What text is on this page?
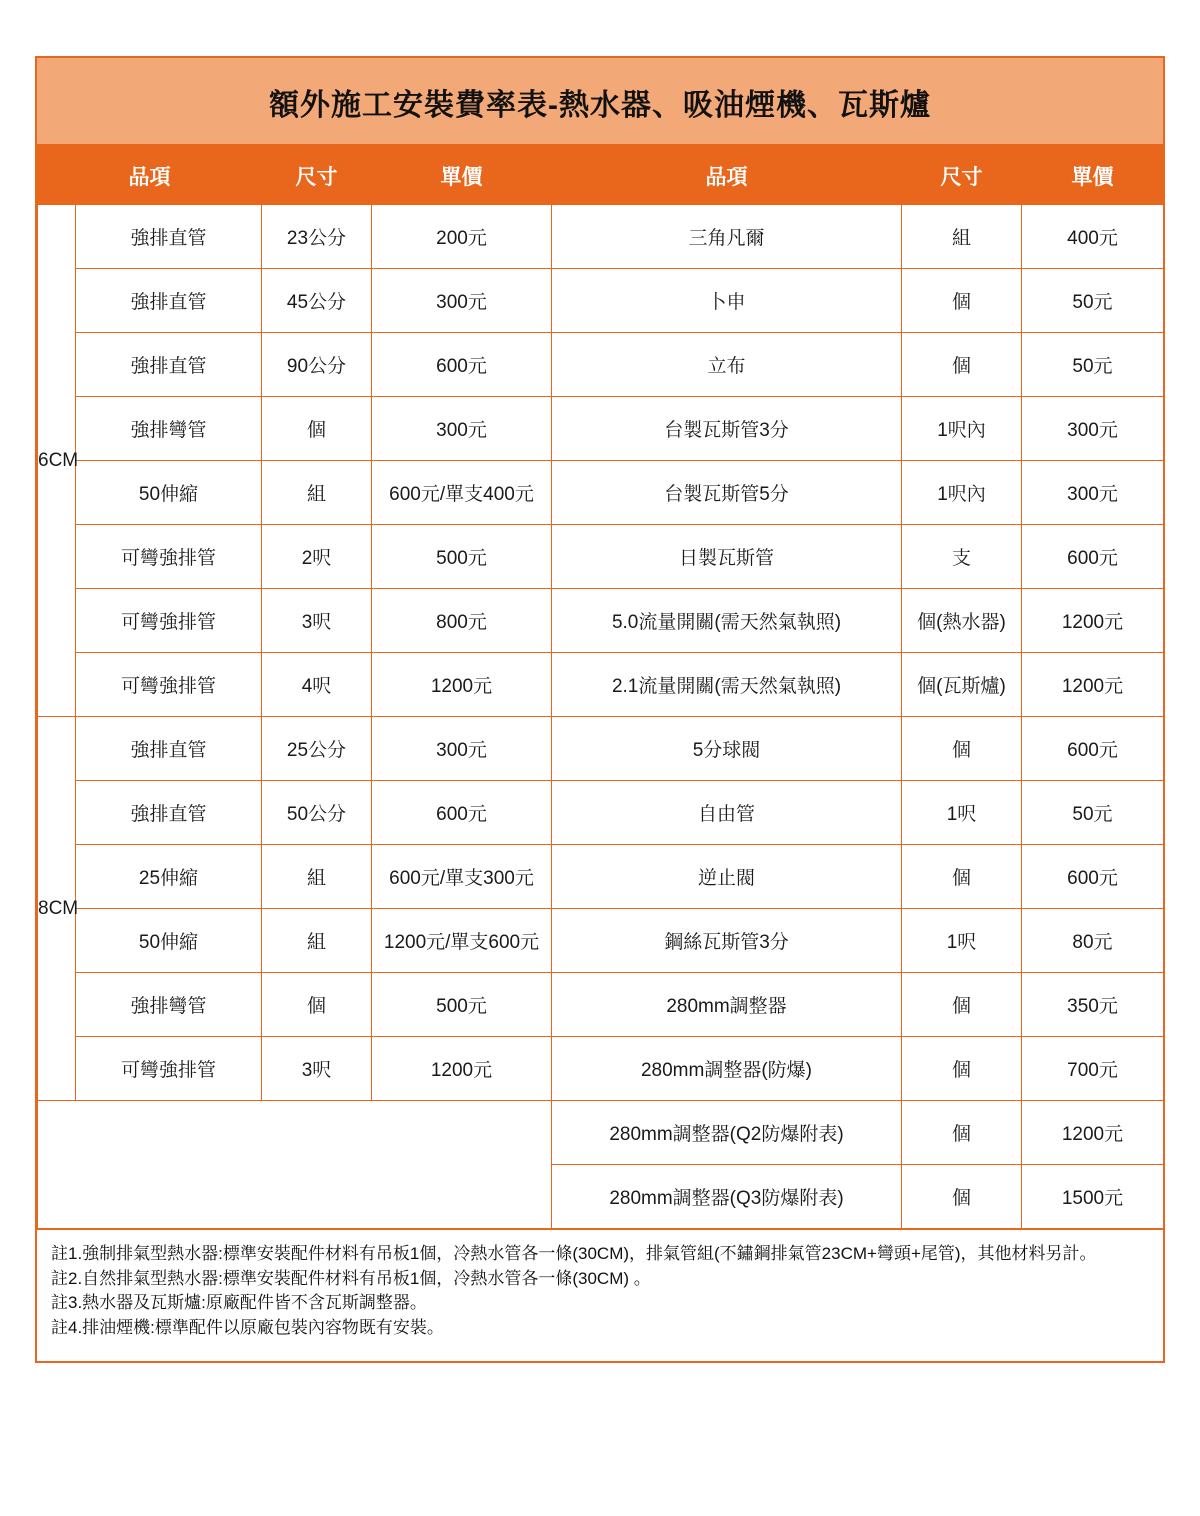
額外施工安裝費率表-熱水器、吸油煙機、瓦斯爐
品項		尺寸	單價	品項	尺寸	單價
6CM	強排直管	23公分	200元	三角凡爾	組	400元
	強排直管	45公分	300元	卜申	個	50元
	強排直管	90公分	600元	立布	個	50元
	強排彎管	個	300元	台製瓦斯管3分	1呎內	300元
	50伸縮	組	600元/單支400元	台製瓦斯管5分	1呎內	300元
	可彎強排管	2呎	500元	日製瓦斯管	支	600元
	可彎強排管	3呎	800元	5.0流量開關(需天然氣執照)	個(熱水器)	1200元
	可彎強排管	4呎	1200元	2.1流量開關(需天然氣執照)	個(瓦斯爐)	1200元
8CM	強排直管	25公分	300元	5分球閥	個	600元
	強排直管	50公分	600元	自由管	1呎	50元
	25伸縮	組	600元/單支300元	逆止閥	個	600元
	50伸縮	組	1200元/單支600元	鋼絲瓦斯管3分	1呎	80元
	強排彎管	個	500元	280mm調整器	個	350元
	可彎強排管	3呎	1200元	280mm調整器(防爆)	個	700元
				280mm調整器(Q2防爆附表)	個	1200元
				280mm調整器(Q3防爆附表)	個	1500元
註1.強制排氣型熱水器:標準安裝配件材料有吊板1個，冷熱水管各一條(30CM)，排氣管組(不鏽鋼排氣管23CM+彎頭+尾管)，其他材料另計。
註2.自然排氣型熱水器:標準安裝配件材料有吊板1個，冷熱水管各一條(30CM) 。
註3.熱水器及瓦斯爐:原廠配件皆不含瓦斯調整器。
註4.排油煙機:標準配件以原廠包裝內容物既有安裝。
